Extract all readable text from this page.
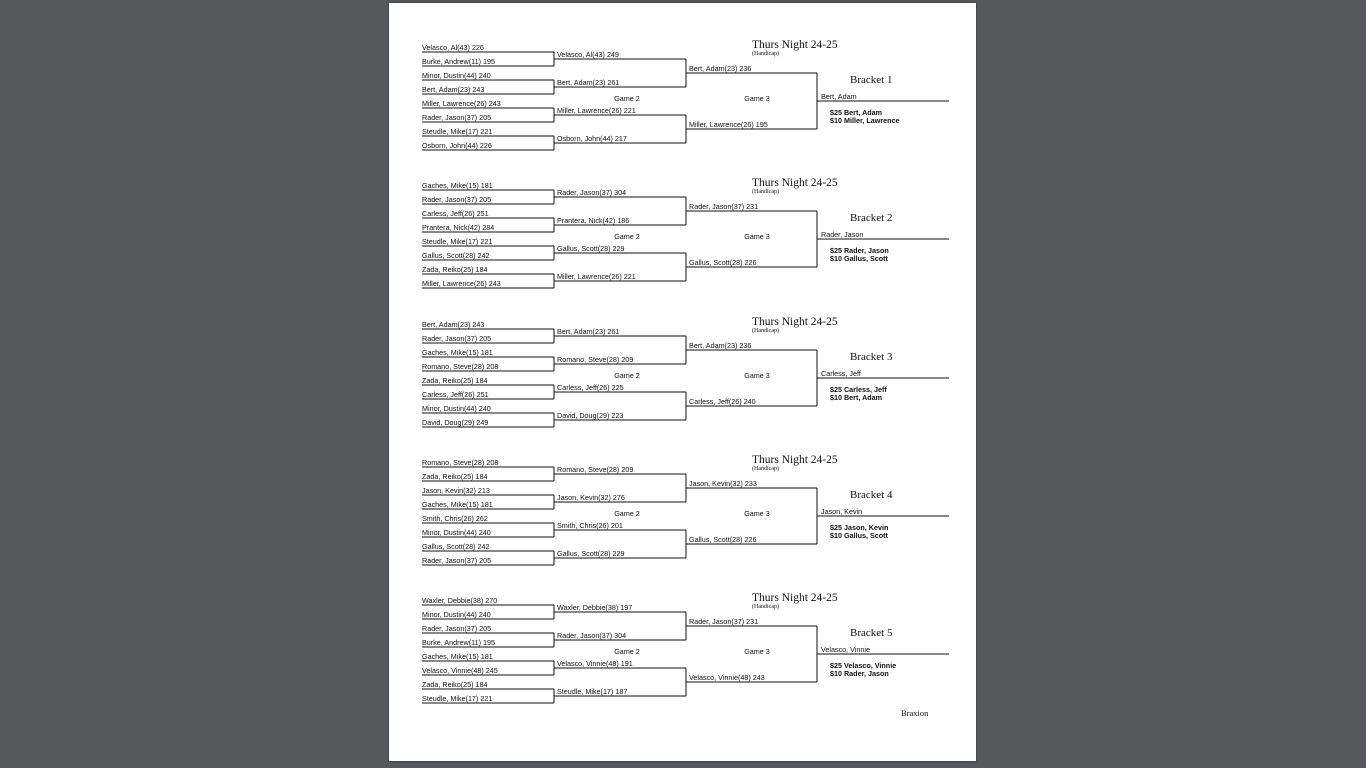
Thurs Night 24-25
(Handicap)
Bracket 1
Velasco, Al(43) 226
Burke, Andrew(11) 195
Minor, Dustin(44) 240
Bert, Adam(23) 243
Miller, Lawrence(26) 243
Rader, Jason(37) 205
Steudle, Mike(17) 221
Osborn, John(44) 226
Velasco, Al(43) 249
Bert, Adam(23) 261
Miller, Lawrence(26) 221
Osborn, John(44) 217
Game 2
Bert, Adam(23) 236
Miller, Lawrence(26) 195
Game 3	Bert, Adam
$25 Bert, Adam
$10 Miller, Lawrence
Thurs Night 24-25
(Handicap)
Bracket 2
Gaches, Mike(15) 181
Rader, Jason(37) 205
Carless, Jeff(26) 251
Prantera, Nick(42) 284
Steudle, Mike(17) 221
Gallus, Scott(28) 242
Zada, Reiko(25) 184
Miller, Lawrence(26) 243
Rader, Jason(37) 304
Prantera, Nick(42) 186
Gallus, Scott(28) 229
Miller, Lawrence(26) 221
Game 2
Rader, Jason(37) 231
Gallus, Scott(28) 226
Game 3	Rader, Jason
$25 Rader, Jason
$10 Gallus, Scott
Thurs Night 24-25
(Handicap)
Bracket 3
Bert, Adam(23) 243
Rader, Jason(37) 205
Gaches, Mike(15) 181
Romano, Steve(28) 208
Zada, Reiko(25) 184
Carless, Jeff(26) 251
Minor, Dustin(44) 240
David, Doug(29) 249
Bert, Adam(23) 261
Romano, Steve(28) 209
Carless, Jeff(26) 225
David, Doug(29) 223
Game 2
Bert, Adam(23) 236
Carless, Jeff(26) 240
Game 3	Carless, Jeff
$25 Carless, Jeff
$10 Bert, Adam
Thurs Night 24-25
(Handicap)
Bracket 4
Romano, Steve(28) 208
Zada, Reiko(25) 184
Jason, Kevin(32) 213
Gaches, Mike(15) 181
Smith, Chris(26) 262
Minor, Dustin(44) 240
Gallus, Scott(28) 242
Rader, Jason(37) 205
Romano, Steve(28) 209
Jason, Kevin(32) 276
Smith, Chris(26) 201
Gallus, Scott(28) 229
Game 2
Jason, Kevin(32) 233
Gallus, Scott(28) 226
Game 3	Jason, Kevin
$25 Jason, Kevin
$10 Gallus, Scott
Thurs Night 24-25
(Handicap)
Bracket 5
Waxler, Debbie(38) 270
Minor, Dustin(44) 240
Rader, Jason(37) 205
Burke, Andrew(11) 195
Gaches, Mike(15) 181
Velasco, Vinnie(48) 245
Zada, Reiko(25) 184
Steudle, Mike(17) 221
Waxler, Debbie(38) 197
Rader, Jason(37) 304
Velasco, Vinnie(48) 191
Steudle, Mike(17) 187
Game 2
Rader, Jason(37) 231
Velasco, Vinnie(48) 243
Game 3	Velasco, Vinnie
$25 Velasco, Vinnie
$10 Rader, Jason
Braxion
